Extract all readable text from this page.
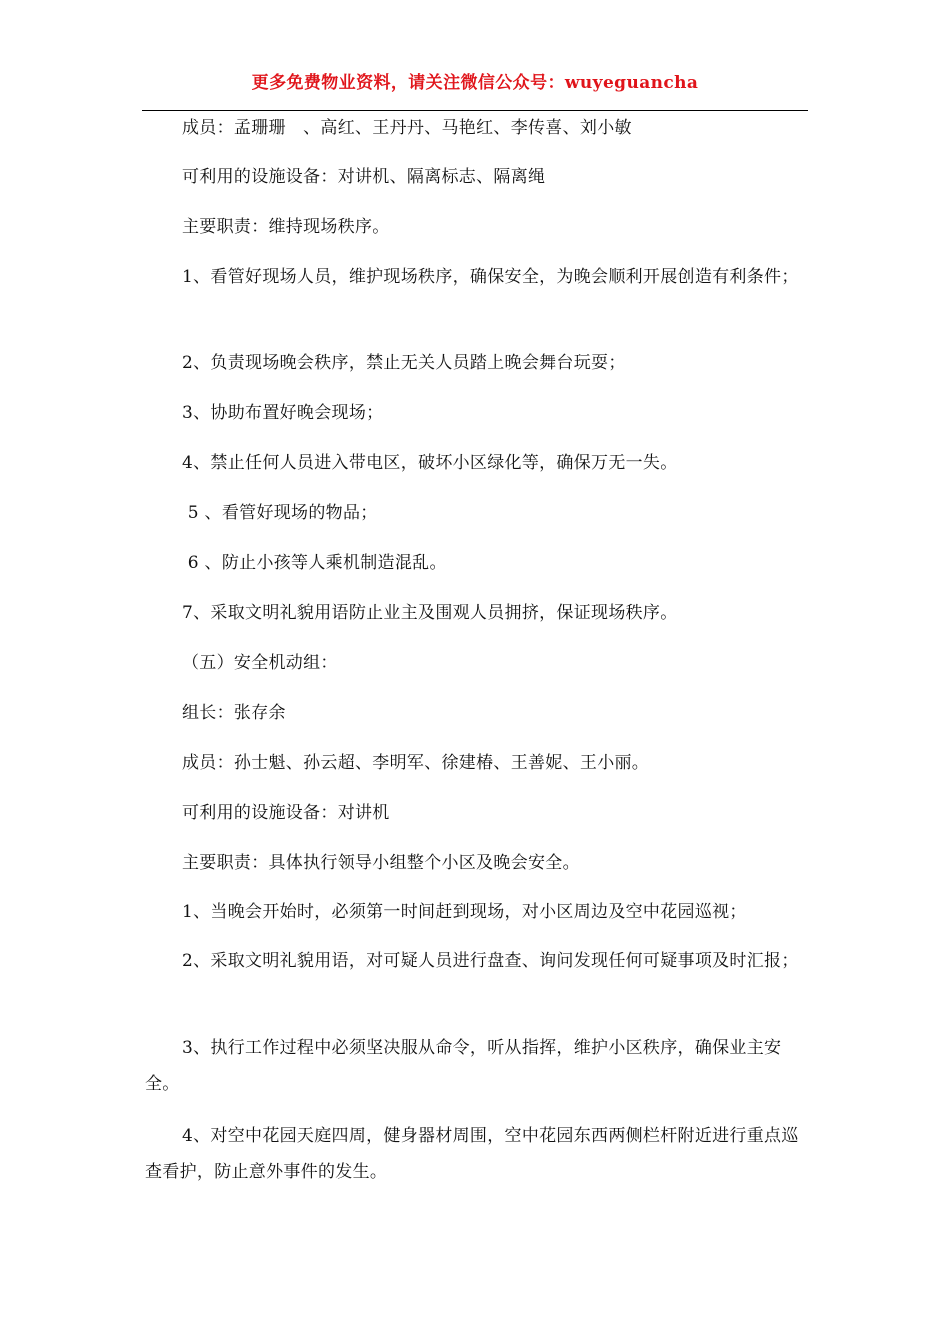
更多免费物业资料，请关注微信公众号：wuyeguancha
成员：孟珊珊　、高红、王丹丹、马艳红、李传喜、刘小敏
可利用的设施设备：对讲机、隔离标志、隔离绳
主要职责：维持现场秩序。
1、看管好现场人员，维护现场秩序，确保安全，为晚会顺利开展创造有利条件；
2、负责现场晚会秩序，禁止无关人员踏上晚会舞台玩耍；
3、协助布置好晚会现场；
4、禁止任何人员进入带电区，破坏小区绿化等，确保万无一失。
5 、看管好现场的物品；
6 、防止小孩等人乘机制造混乱。
7、采取文明礼貌用语防止业主及围观人员拥挤，保证现场秩序。
（五）安全机动组：
组长：张存余
成员：孙士魁、孙云超、李明军、徐建椿、王善妮、王小丽。
可利用的设施设备：对讲机
主要职责：具体执行领导小组整个小区及晚会安全。
1、当晚会开始时，必须第一时间赶到现场，对小区周边及空中花园巡视；
2、采取文明礼貌用语，对可疑人员进行盘查、询问发现任何可疑事项及时汇报；
3、执行工作过程中必须坚决服从命令，听从指挥，维护小区秩序，确保业主安全。
4、对空中花园天庭四周，健身器材周围，空中花园东西两侧栏杆附近进行重点巡查看护，防止意外事件的发生。
